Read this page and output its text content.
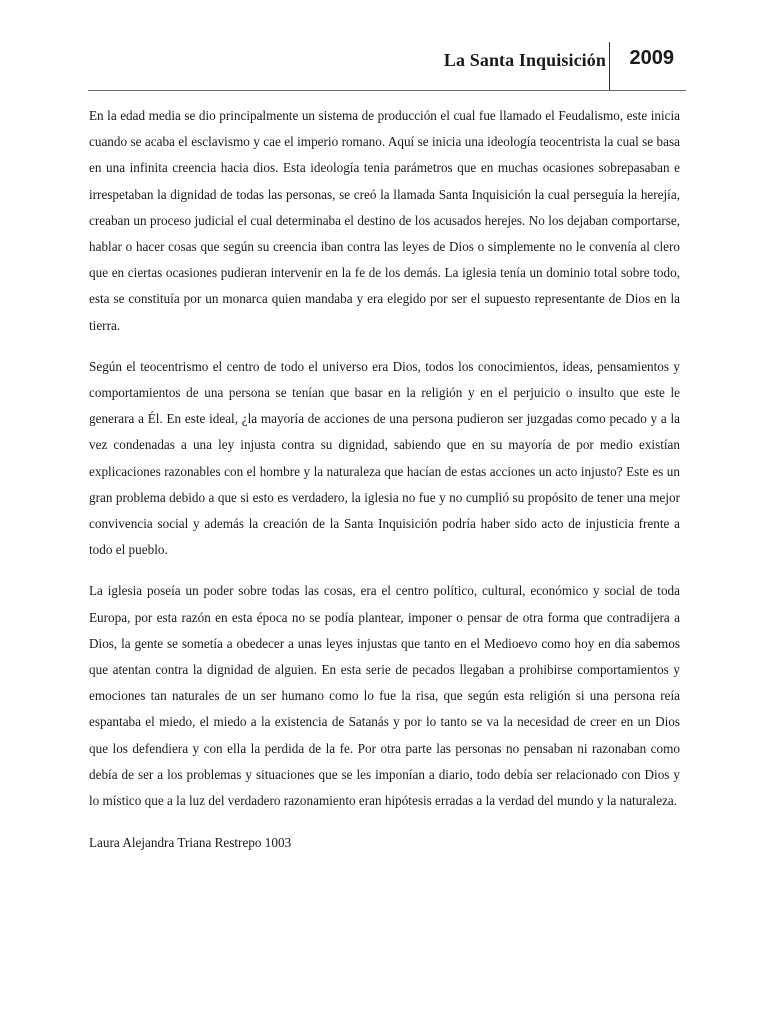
La Santa Inquisición 2009

En la edad media se dio principalmente un sistema de producción el cual fue llamado el Feudalismo, este inicia cuando se acaba el esclavismo y cae el imperio romano. Aquí se inicia una ideología teocentrista la cual se basa en una infinita creencia hacia dios. Esta ideología tenia parámetros que en muchas ocasiones sobrepasaban e irrespetaban la dignidad de todas las personas, se creó la llamada Santa Inquisición la cual perseguía la herejía, creaban un proceso judicial el cual determinaba el destino de los acusados herejes. No los dejaban comportarse, hablar o hacer cosas que según su creencia iban contra las leyes de Dios o simplemente no le convenía al clero que en ciertas ocasiones pudieran intervenir en la fe de los demás. La iglesia tenía un dominio total sobre todo, esta se constituía por un monarca quien mandaba y era elegido por ser el supuesto representante de Dios en la tierra.

Según el teocentrismo el centro de todo el universo era Dios, todos los conocimientos, ideas, pensamientos y comportamientos de una persona se tenían que basar en la religión y en el perjuicio o insulto que este le generara a Él. En este ideal, ¿la mayoría de acciones de una persona pudieron ser juzgadas como pecado y a la vez condenadas a una ley injusta contra su dignidad, sabiendo que en su mayoría de por medio existían explicaciones razonables con el hombre y la naturaleza que hacían de estas acciones un acto injusto? Este es un gran problema debido a que si esto es verdadero, la iglesia no fue y no cumplió su propósito de tener una mejor convivencia social y además la creación de la Santa Inquisición podría haber sido acto de injusticia frente a todo el pueblo.

La iglesia poseía un poder sobre todas las cosas, era el centro político, cultural, económico y social de toda Europa, por esta razón en esta época no se podía plantear, imponer o pensar de otra forma que contradijera a Dios, la gente se sometía a obedecer a unas leyes injustas que tanto en el Medioevo como hoy en día sabemos que atentan contra la dignidad de alguien. En esta serie de pecados llegaban a prohibirse comportamientos y emociones tan naturales de un ser humano como lo fue la risa, que según esta religión si una persona reía espantaba el miedo, el miedo a la existencia de Satanás y por lo tanto se va la necesidad de creer en un Dios que los defendiera y con ella la perdida de la fe. Por otra parte las personas no pensaban ni razonaban como debía de ser a los problemas y situaciones que se les imponían a diario, todo debía ser relacionado con Dios y lo místico que a la luz del verdadero razonamiento eran hipótesis erradas a la verdad del mundo y la naturaleza.

Laura Alejandra Triana Restrepo 1003
